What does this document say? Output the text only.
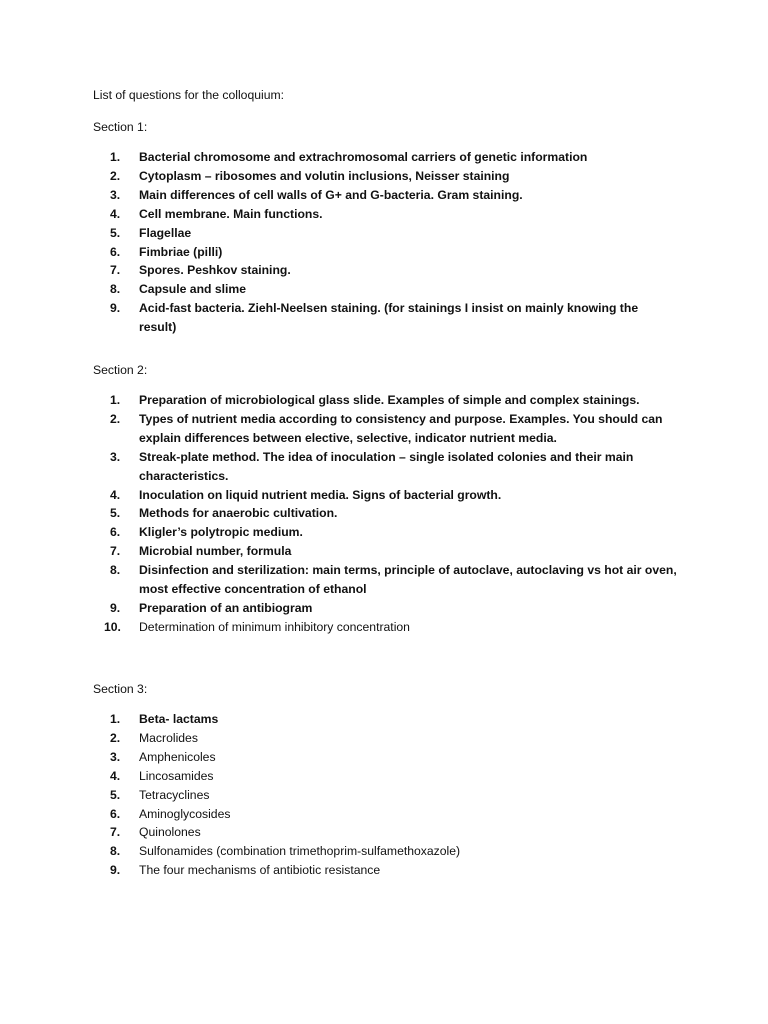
List of questions for the colloquium:
Section 1:
1.	Bacterial chromosome and extrachromosomal carriers of genetic information
2.	Cytoplasm – ribosomes and volutin inclusions, Neisser staining
3.	Main differences of cell walls of G+ and G-bacteria. Gram staining.
4.	Cell membrane. Main functions.
5.	Flagellae
6.	Fimbriae (pilli)
7.	Spores. Peshkov staining.
8.	Capsule and slime
9.	Acid-fast bacteria. Ziehl-Neelsen staining. (for stainings I insist on mainly knowing the result)
Section 2:
1.	Preparation of microbiological glass slide. Examples of simple and complex stainings.
2.	Types of nutrient media according to consistency and purpose. Examples. You should can explain differences between elective, selective, indicator nutrient media.
3.	Streak-plate method. The idea of inoculation – single isolated colonies and their main characteristics.
4.	Inoculation on liquid nutrient media. Signs of bacterial growth.
5.	Methods for anaerobic cultivation.
6.	Kligler’s polytropic medium.
7.	Microbial number, formula
8.	Disinfection and sterilization: main terms, principle of autoclave, autoclaving vs hot air oven, most effective concentration of ethanol
9.	Preparation of an antibiogram
10.	Determination of minimum inhibitory concentration
Section 3:
1.	Beta- lactams
2.	Macrolides
3.	Amphenicoles
4.	Lincosamides
5.	Tetracyclines
6.	Aminoglycosides
7.	Quinolones
8.	Sulfonamides (combination trimethoprim-sulfamethoxazole)
9.	The four mechanisms of antibiotic resistance
